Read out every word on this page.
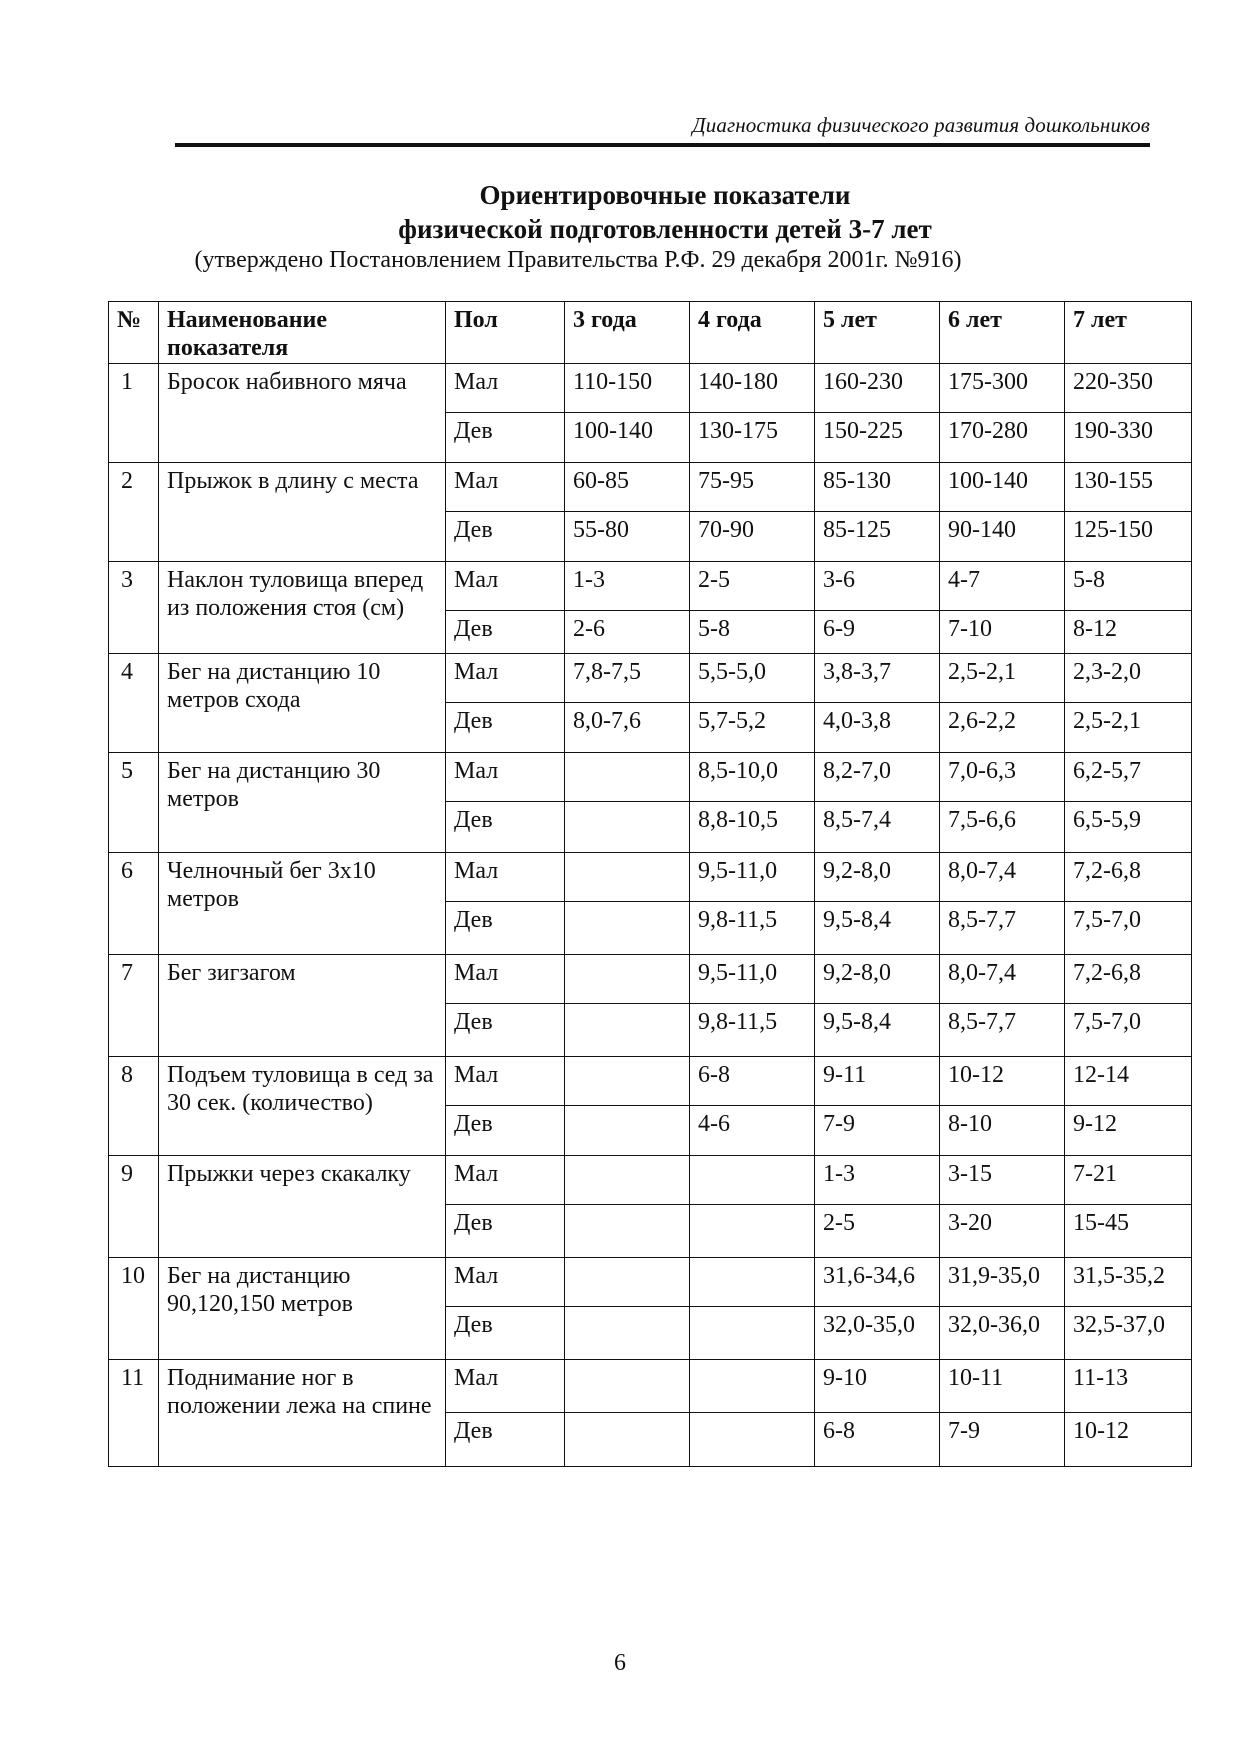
Диагностика физического развития дошкольников
Ориентировочные показатели
физической подготовленности детей 3-7 лет
(утверждено Постановлением Правительства Р.Ф. 29 декабря 2001г. №916)
№	Наименование показателя	Пол	3 года	4 года	5 лет	6 лет	7 лет
1	Бросок набивного мяча	Мал	110-150	140-180	160-230	175-300	220-350
		Дев	100-140	130-175	150-225	170-280	190-330
2	Прыжок в длину с места	Мал	60-85	75-95	85-130	100-140	130-155
		Дев	55-80	70-90	85-125	90-140	125-150
3	Наклон туловища вперед из положения стоя (см)	Мал	1-3	2-5	3-6	4-7	5-8
		Дев	2-6	5-8	6-9	7-10	8-12
4	Бег на дистанцию 10 метров схода	Мал	7,8-7,5	5,5-5,0	3,8-3,7	2,5-2,1	2,3-2,0
		Дев	8,0-7,6	5,7-5,2	4,0-3,8	2,6-2,2	2,5-2,1
5	Бег на дистанцию 30 метров	Мал		8,5-10,0	8,2-7,0	7,0-6,3	6,2-5,7
		Дев		8,8-10,5	8,5-7,4	7,5-6,6	6,5-5,9
6	Челночный бег 3х10 метров	Мал		9,5-11,0	9,2-8,0	8,0-7,4	7,2-6,8
		Дев		9,8-11,5	9,5-8,4	8,5-7,7	7,5-7,0
7	Бег зигзагом	Мал		9,5-11,0	9,2-8,0	8,0-7,4	7,2-6,8
		Дев		9,8-11,5	9,5-8,4	8,5-7,7	7,5-7,0
8	Подъем туловища в сед за 30 сек. (количество)	Мал		6-8	9-11	10-12	12-14
		Дев		4-6	7-9	8-10	9-12
9	Прыжки через скакалку	Мал			1-3	3-15	7-21
		Дев			2-5	3-20	15-45
10	Бег на дистанцию 90,120,150 метров	Мал			31,6-34,6	31,9-35,0	31,5-35,2
		Дев			32,0-35,0	32,0-36,0	32,5-37,0
11	Поднимание ног в положении лежа на спине	Мал			9-10	10-11	11-13
		Дев			6-8	7-9	10-12
6
